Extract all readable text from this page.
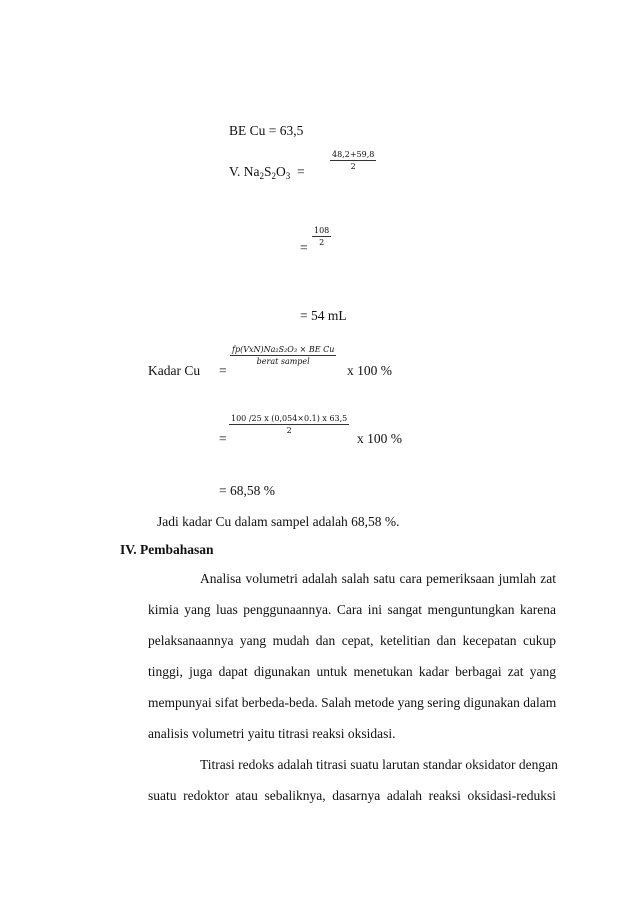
BE Cu = 63,5
V. $Na_2S_2O_3$  =
48,2+59,8
2
=
108
2
= 54 mL
Kadar Cu =
fp(VxN)Na₂S₂O₃ × BE Cu
berat sampel
x 100 %
=
100 /25 x (0,054×0.1) x 63,5
2
x 100 %
= 68,58 %
Jadi kadar Cu dalam sampel adalah 68,58 %.
IV. Pembahasan
Analisa volumetri adalah salah satu cara pemeriksaan jumlah zat
kimia yang luas penggunaannya. Cara ini sangat menguntungkan karena
pelaksanaannya yang mudah dan cepat, ketelitian dan kecepatan cukup
tinggi, juga dapat digunakan untuk menetukan kadar berbagai zat yang
mempunyai sifat berbeda-beda. Salah metode yang sering digunakan dalam
analisis volumetri yaitu titrasi reaksi oksidasi.
Titrasi redoks adalah titrasi suatu larutan standar oksidator dengan
suatu redoktor atau sebaliknya, dasarnya adalah reaksi oksidasi-reduksi
